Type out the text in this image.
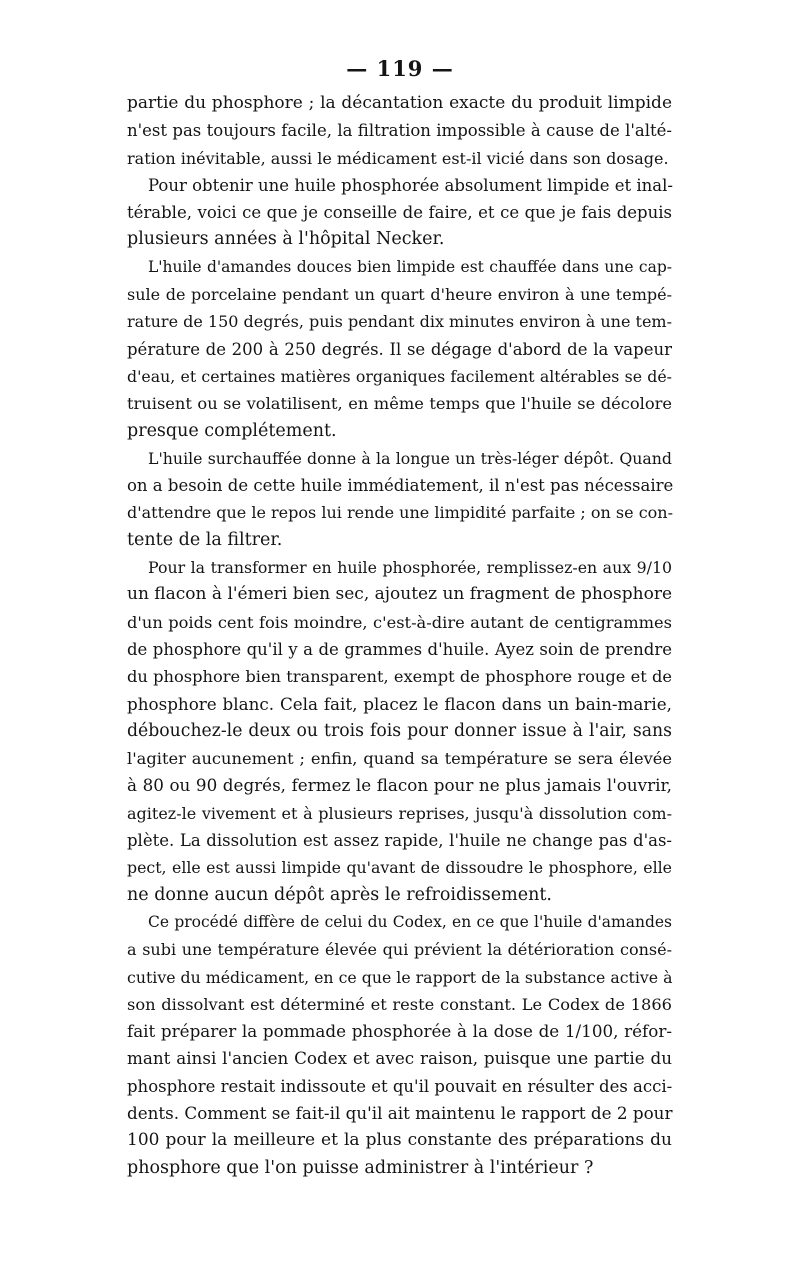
— 119 —
partie du phosphore ; la décantation exacte du produit limpide
n'est pas toujours facile, la filtration impossible à cause de l'alté-
ration inévitable, aussi le médicament est-il vicié dans son dosage.
Pour obtenir une huile phosphorée absolument limpide et inal-
térable, voici ce que je conseille de faire, et ce que je fais depuis
plusieurs années à l'hôpital Necker.
L'huile d'amandes douces bien limpide est chauffée dans une cap-
sule de porcelaine pendant un quart d'heure environ à une tempé-
rature de 150 degrés, puis pendant dix minutes environ à une tem-
pérature de 200 à 250 degrés. Il se dégage d'abord de la vapeur
d'eau, et certaines matières organiques facilement altérables se dé-
truisent ou se volatilisent, en même temps que l'huile se décolore
presque complétement.
L'huile surchauffée donne à la longue un très-léger dépôt. Quand
on a besoin de cette huile immédiatement, il n'est pas nécessaire
d'attendre que le repos lui rende une limpidité parfaite ; on se con-
tente de la filtrer.
Pour la transformer en huile phosphorée, remplissez-en aux 9/10
un flacon à l'émeri bien sec, ajoutez un fragment de phosphore
d'un poids cent fois moindre, c'est-à-dire autant de centigrammes
de phosphore qu'il y a de grammes d'huile. Ayez soin de prendre
du phosphore bien transparent, exempt de phosphore rouge et de
phosphore blanc. Cela fait, placez le flacon dans un bain-marie,
débouchez-le deux ou trois fois pour donner issue à l'air, sans
l'agiter aucunement ; enfin, quand sa température se sera élevée
à 80 ou 90 degrés, fermez le flacon pour ne plus jamais l'ouvrir,
agitez-le vivement et à plusieurs reprises, jusqu'à dissolution com-
plète. La dissolution est assez rapide, l'huile ne change pas d'as-
pect, elle est aussi limpide qu'avant de dissoudre le phosphore, elle
ne donne aucun dépôt après le refroidissement.
Ce procédé diffère de celui du Codex, en ce que l'huile d'amandes
a subi une température élevée qui prévient la détérioration consé-
cutive du médicament, en ce que le rapport de la substance active à
son dissolvant est déterminé et reste constant. Le Codex de 1866
fait préparer la pommade phosphorée à la dose de 1/100, réfor-
mant ainsi l'ancien Codex et avec raison, puisque une partie du
phosphore restait indissoute et qu'il pouvait en résulter des acci-
dents. Comment se fait-il qu'il ait maintenu le rapport de 2 pour
100 pour la meilleure et la plus constante des préparations du
phosphore que l'on puisse administrer à l'intérieur ?
